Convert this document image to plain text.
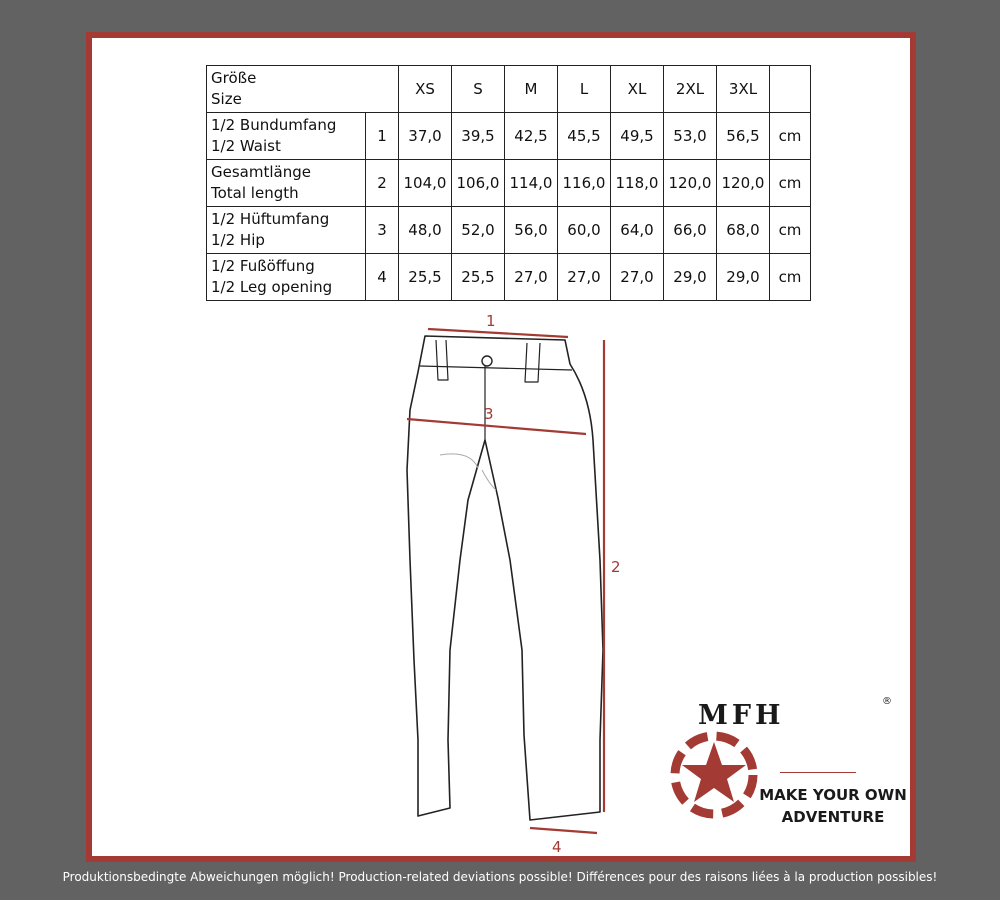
Größe
Size		XS	S	M	L	XL	2XL	3XL	
1/2 Bundumfang
1/2 Waist	1	37,0	39,5	42,5	45,5	49,5	53,0	56,5	cm
Gesamtlänge
Total length	2	104,0	106,0	114,0	116,0	118,0	120,0	120,0	cm
1/2 Hüftumfang
1/2 Hip	3	48,0	52,0	56,0	60,0	64,0	66,0	68,0	cm
1/2 Fußöffung
1/2 Leg opening	4	25,5	25,5	27,0	27,0	27,0	29,0	29,0	cm
1
3
2
4
MFH	®
MAKE YOUR OWN
ADVENTURE
Produktionsbedingte Abweichungen möglich! Production-related deviations possible! Différences pour des raisons liées à la production possibles!
